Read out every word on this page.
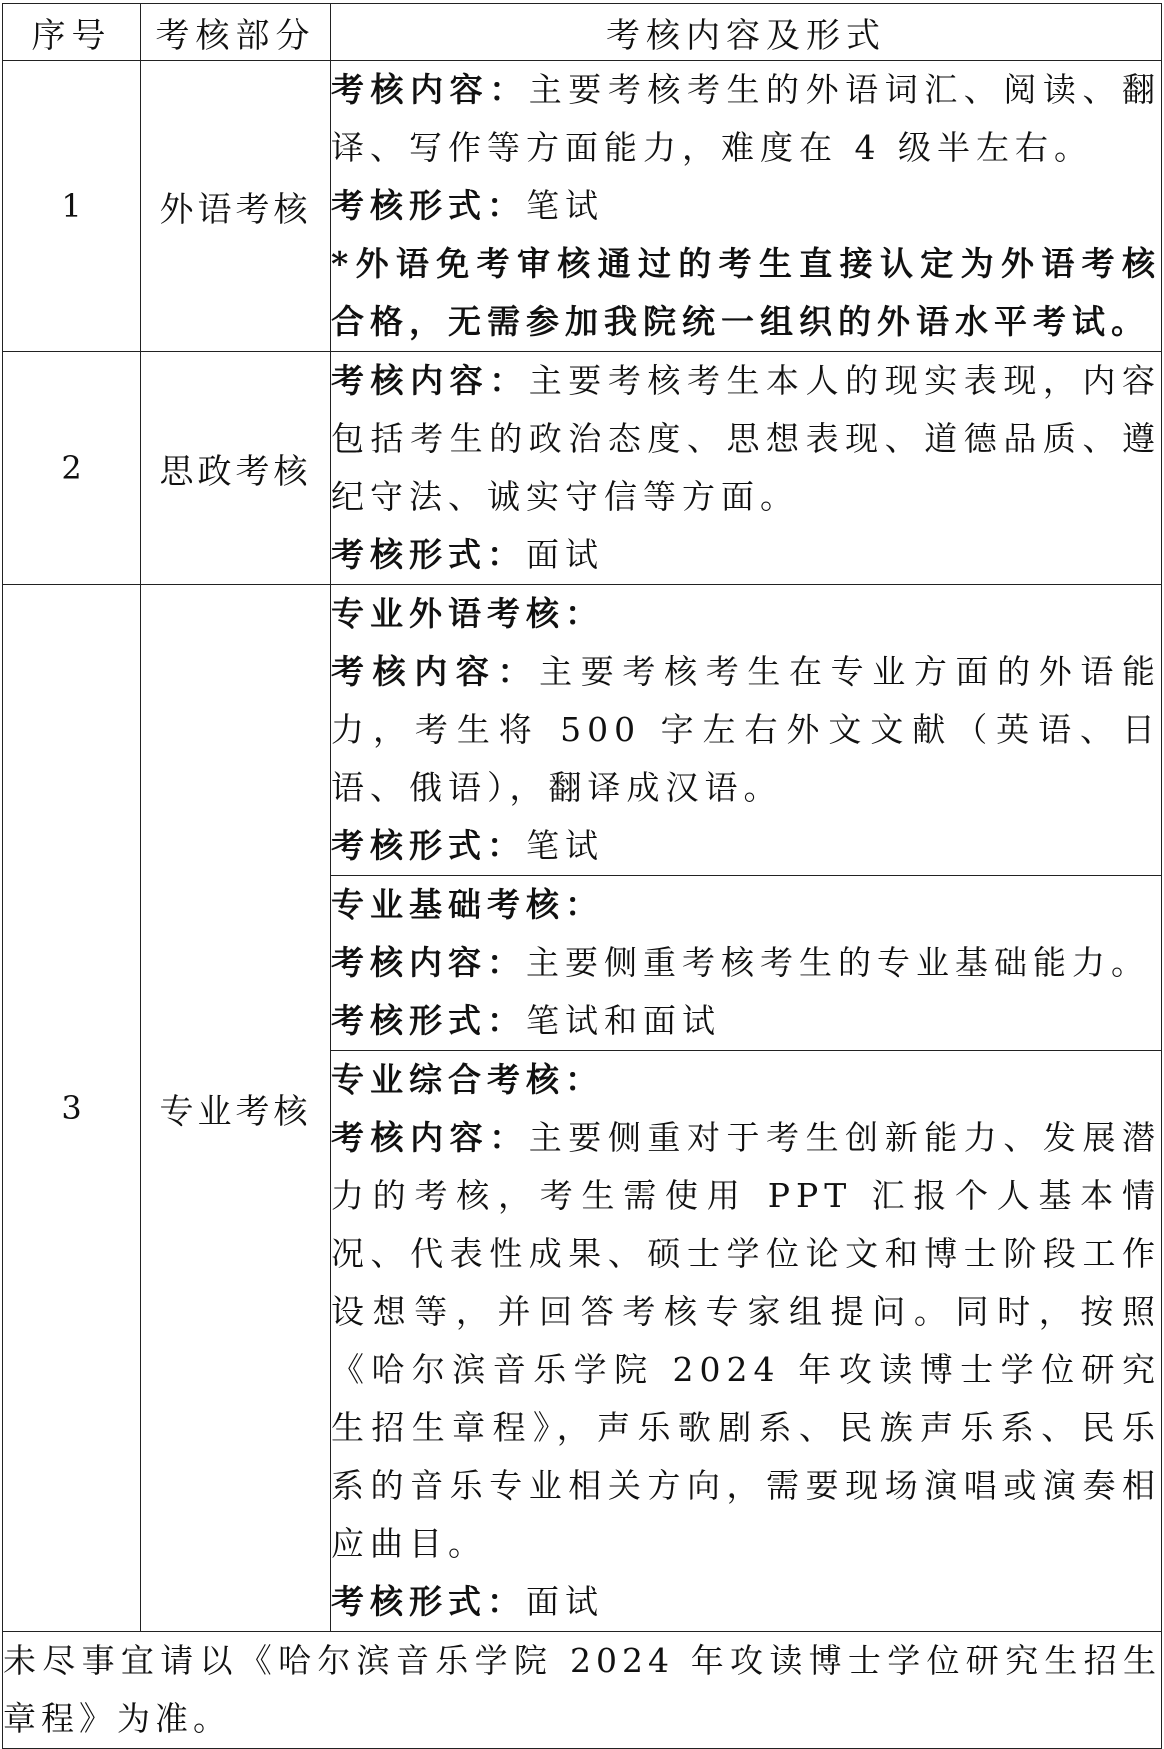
序号	考核部分	考核内容及形式
1	外语考核	考核内容：主要考核考生的外语词汇、阅读、翻译、写作等方面能力，难度在 4 级半左右。
考核形式：笔试
*外语免考审核通过的考生直接认定为外语考核合格，无需参加我院统一组织的外语水平考试。

2	思政考核	考核内容：主要考核考生本人的现实表现，内容包括考生的政治态度、思想表现、道德品质、遵纪守法、诚实守信等方面。
考核形式：面试

3	专业考核	专业外语考核：
考核内容：主要考核考生在专业方面的外语能力，考生将 500 字左右外文文献（英语、日语、俄语），翻译成汉语。
考核形式：笔试

		专业基础考核：
考核内容：主要侧重考核考生的专业基础能力。
考核形式：笔试和面试

		专业综合考核：
考核内容：主要侧重对于考生创新能力、发展潜力的考核，考生需使用 PPT 汇报个人基本情况、代表性成果、硕士学位论文和博士阶段工作设想等，并回答考核专家组提问。同时，按照《哈尔滨音乐学院 2024 年攻读博士学位研究生招生章程》，声乐歌剧系、民族声乐系、民乐系的音乐专业相关方向，需要现场演唱或演奏相应曲目。
考核形式：面试

未尽事宜请以《哈尔滨音乐学院 2024 年攻读博士学位研究生招生章程》为准。		
